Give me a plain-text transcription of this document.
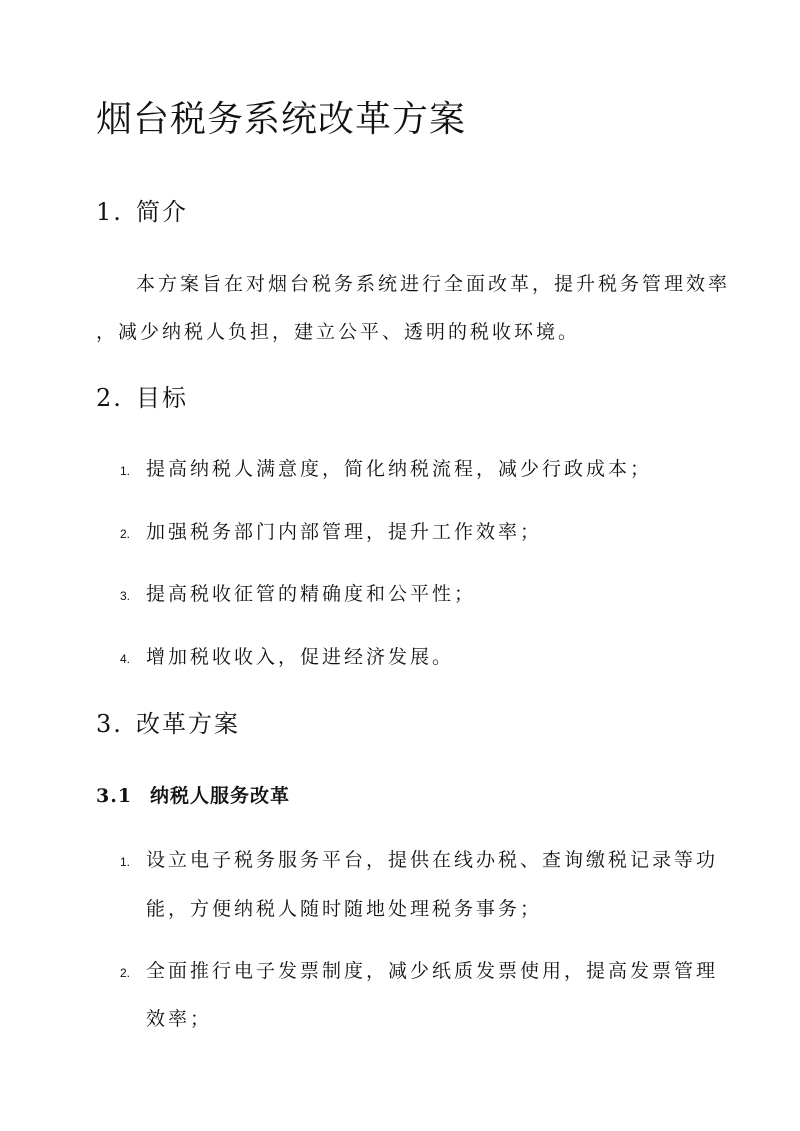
烟台税务系统改革方案
1. 简介
本方案旨在对烟台税务系统进行全面改革，提升税务管理效率
，减少纳税人负担，建立公平、透明的税收环境。
2. 目标
1. 提高纳税人满意度，简化纳税流程，减少行政成本；
2. 加强税务部门内部管理，提升工作效率；
3. 提高税收征管的精确度和公平性；
4. 增加税收收入，促进经济发展。
3. 改革方案
3.1 纳税人服务改革
1. 设立电子税务服务平台，提供在线办税、查询缴税记录等功
能，方便纳税人随时随地处理税务事务；
2. 全面推行电子发票制度，减少纸质发票使用，提高发票管理
效率；
